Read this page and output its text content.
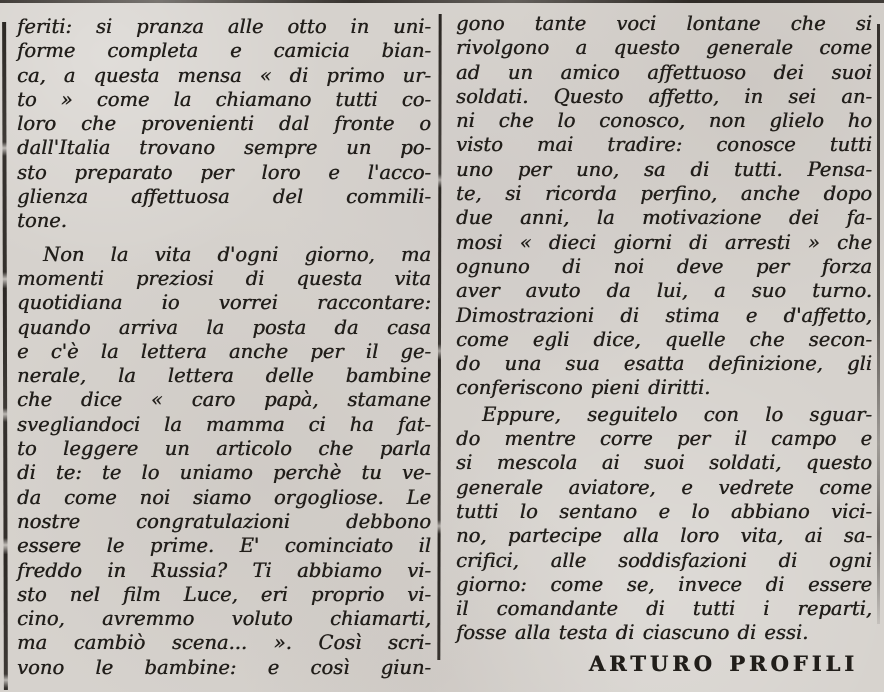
feriti: si pranza alle otto in uni-
forme completa e camicia bian-
ca, a questa mensa « di primo ur-
to » come la chiamano tutti co-
loro che provenienti dal fronte o
dall'Italia trovano sempre un po-
sto preparato per loro e l'acco-
glienza affettuosa del commili-
tone.
Non la vita d'ogni giorno, ma
momenti preziosi di questa vita
quotidiana io vorrei raccontare:
quando arriva la posta da casa
e c'è la lettera anche per il ge-
nerale, la lettera delle bambine
che dice « caro papà, stamane
svegliandoci la mamma ci ha fat-
to leggere un articolo che parla
di te: te lo uniamo perchè tu ve-
da come noi siamo orgogliose. Le
nostre congratulazioni debbono
essere le prime. E' cominciato il
freddo in Russia? Ti abbiamo vi-
sto nel film Luce, eri proprio vi-
cino, avremmo voluto chiamarti,
ma cambiò scena... ». Così scri-
vono le bambine: e così giun-
gono tante voci lontane che si
rivolgono a questo generale come
ad un amico affettuoso dei suoi
soldati. Questo affetto, in sei an-
ni che lo conosco, non glielo ho
visto mai tradire: conosce tutti
uno per uno, sa di tutti. Pensa-
te, si ricorda perfino, anche dopo
due anni, la motivazione dei fa-
mosi « dieci giorni di arresti » che
ognuno di noi deve per forza
aver avuto da lui, a suo turno.
Dimostrazioni di stima e d'affetto,
come egli dice, quelle che secon-
do una sua esatta definizione, gli
conferiscono pieni diritti.
Eppure, seguitelo con lo sguar-
do mentre corre per il campo e
si mescola ai suoi soldati, questo
generale aviatore, e vedrete come
tutti lo sentano e lo abbiano vici-
no, partecipe alla loro vita, ai sa-
crifici, alle soddisfazioni di ogni
giorno: come se, invece di essere
il comandante di tutti i reparti,
fosse alla testa di ciascuno di essi.
ARTURO PROFILI
